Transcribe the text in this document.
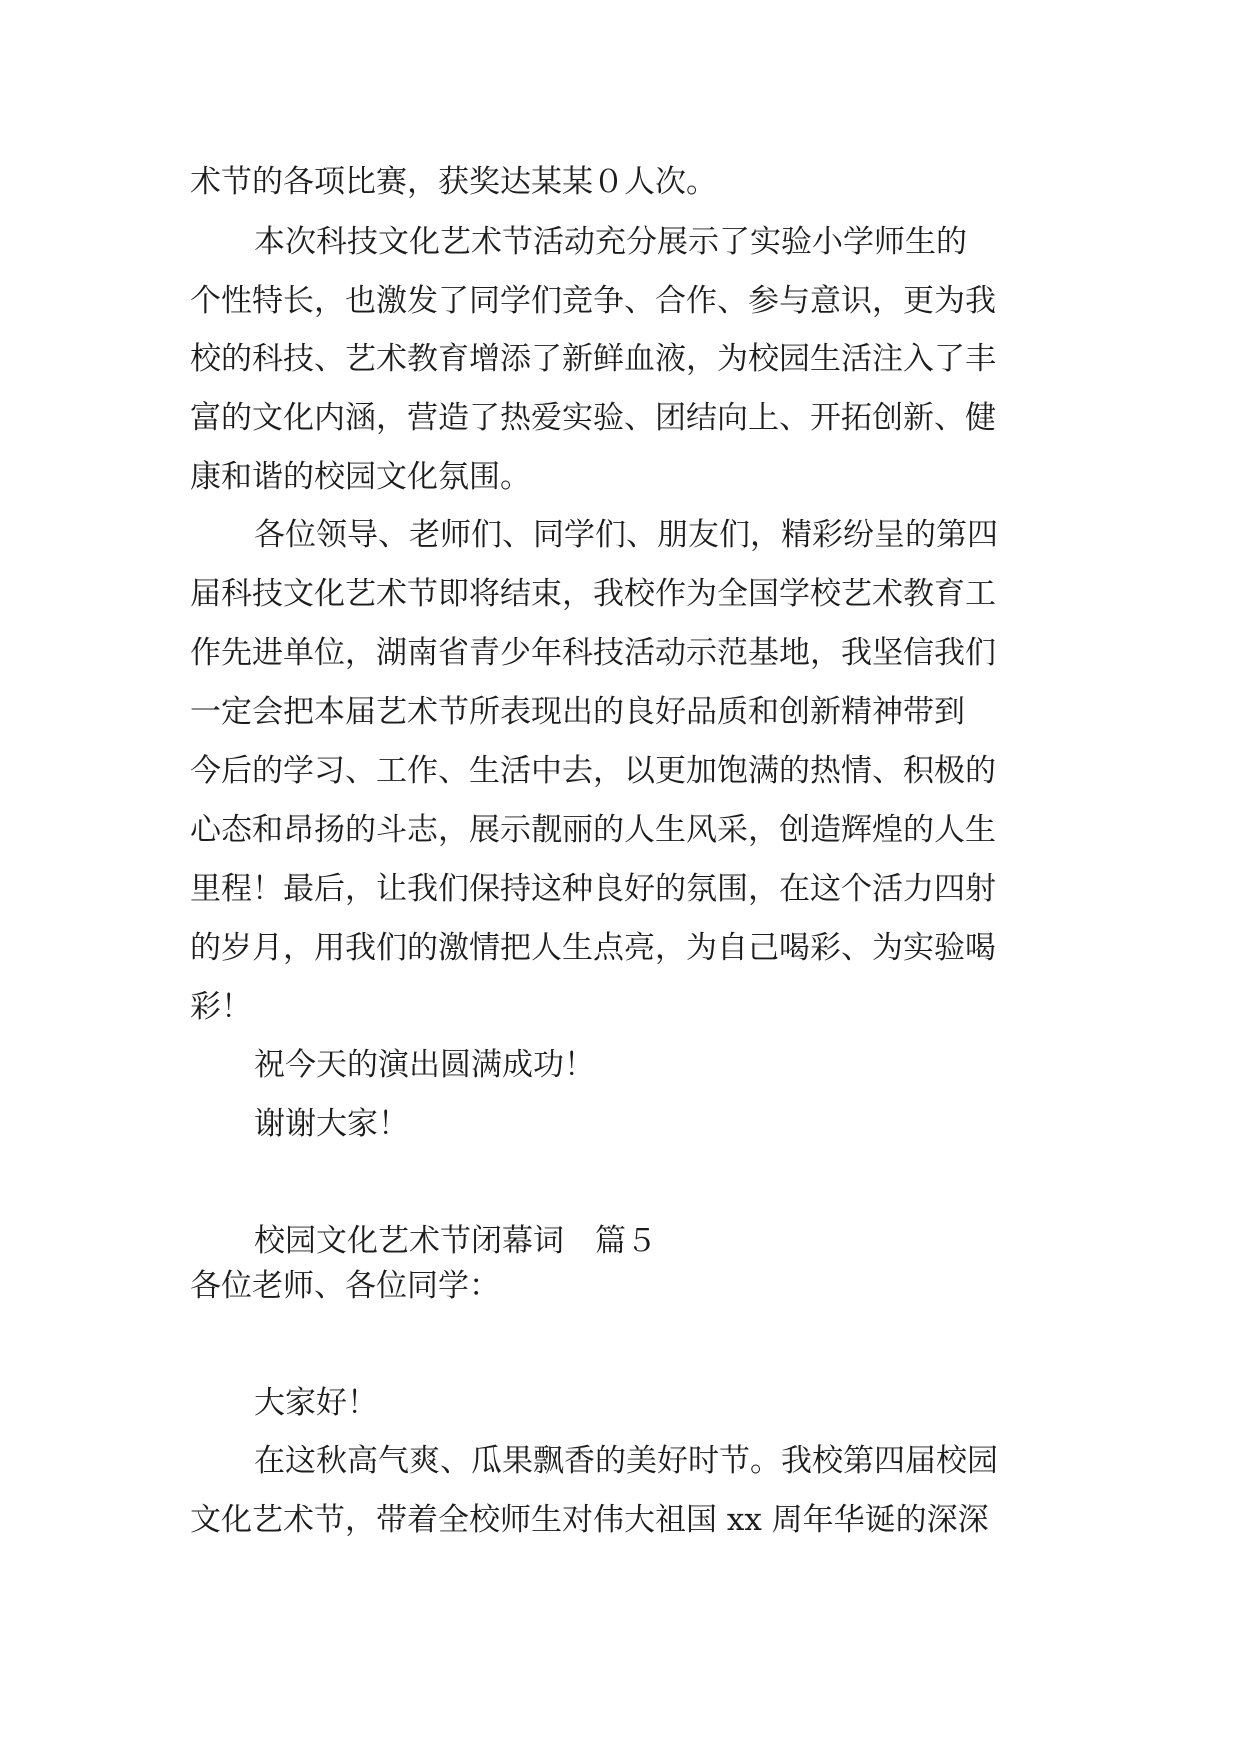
术节的各项比赛，获奖达某某０人次。
本次科技文化艺术节活动充分展示了实验小学师生的
个性特长，也激发了同学们竞争、合作、参与意识，更为我
校的科技、艺术教育增添了新鲜血液，为校园生活注入了丰
富的文化内涵，营造了热爱实验、团结向上、开拓创新、健
康和谐的校园文化氛围。
各位领导、老师们、同学们、朋友们，精彩纷呈的第四
届科技文化艺术节即将结束，我校作为全国学校艺术教育工
作先进单位，湖南省青少年科技活动示范基地，我坚信我们
一定会把本届艺术节所表现出的良好品质和创新精神带到
今后的学习、工作、生活中去，以更加饱满的热情、积极的
心态和昂扬的斗志，展示靓丽的人生风采，创造辉煌的人生
里程！最后，让我们保持这种良好的氛围，在这个活力四射
的岁月，用我们的激情把人生点亮，为自己喝彩、为实验喝
彩！
祝今天的演出圆满成功！
谢谢大家！
校园文化艺术节闭幕词　篇５
各位老师、各位同学：
大家好！
在这秋高气爽、瓜果飘香的美好时节。我校第四届校园
文化艺术节，带着全校师生对伟大祖国 xx 周年华诞的深深
